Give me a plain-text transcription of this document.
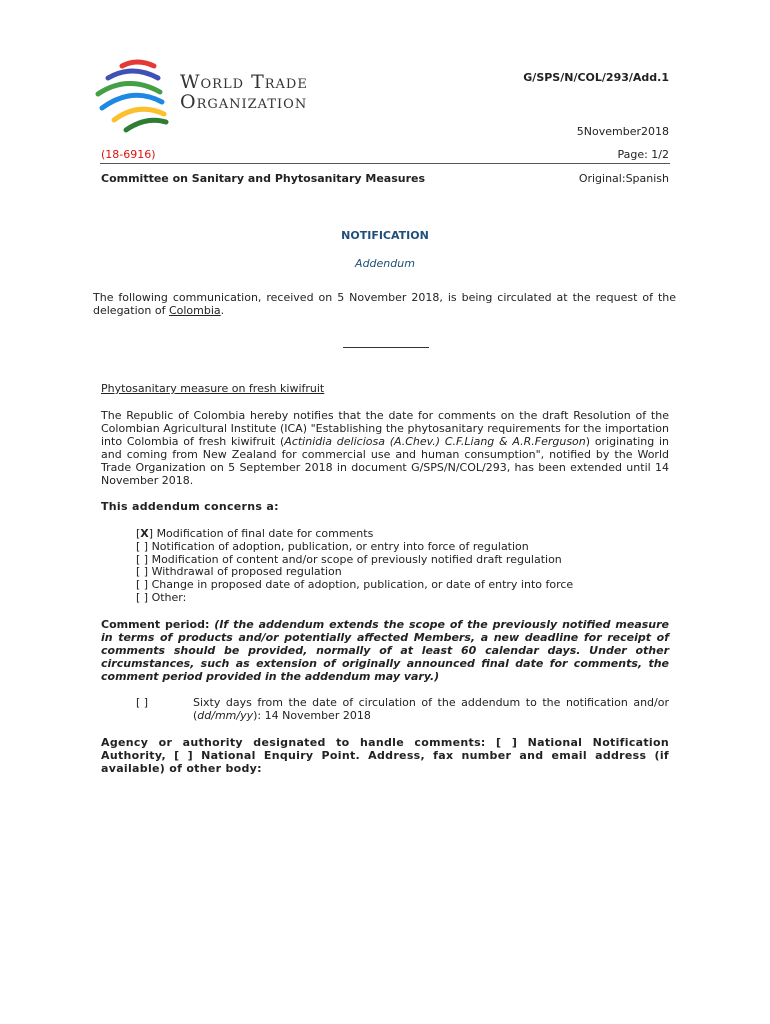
World Trade
Organization
G/SPS/N/COL/293/Add.1
5November2018
(18-6916)	Page: 1/2
Committee on Sanitary and Phytosanitary Measures	Original:Spanish
NOTIFICATION
Addendum
The following communication, received on 5 November 2018, is being circulated at the request of the delegation of Colombia.
Phytosanitary measure on fresh kiwifruit
The Republic of Colombia hereby notifies that the date for comments on the draft Resolution of the Colombian Agricultural Institute (ICA) "Establishing the phytosanitary requirements for the importation into Colombia of fresh kiwifruit (Actinidia deliciosa (A.Chev.) C.F.Liang & A.R.Ferguson) originating in and coming from New Zealand for commercial use and human consumption", notified by the World Trade Organization on 5 September 2018 in document G/SPS/N/COL/293, has been extended until 14 November 2018.
This addendum concerns a:
[X] Modification of final date for comments
[ ] Notification of adoption, publication, or entry into force of regulation
[ ] Modification of content and/or scope of previously notified draft regulation
[ ] Withdrawal of proposed regulation
[ ] Change in proposed date of adoption, publication, or date of entry into force
[ ] Other:
Comment period: (If the addendum extends the scope of the previously notified measure in terms of products and/or potentially affected Members, a new deadline for receipt of comments should be provided, normally of at least 60 calendar days. Under other circumstances, such as extension of originally announced final date for comments, the comment period provided in the addendum may vary.)
[ ]	Sixty days from the date of circulation of the addendum to the notification and/or (dd/mm/yy): 14 November 2018
Agency or authority designated to handle comments: [ ] National Notification Authority, [ ] National Enquiry Point. Address, fax number and email address (if available) of other body:
